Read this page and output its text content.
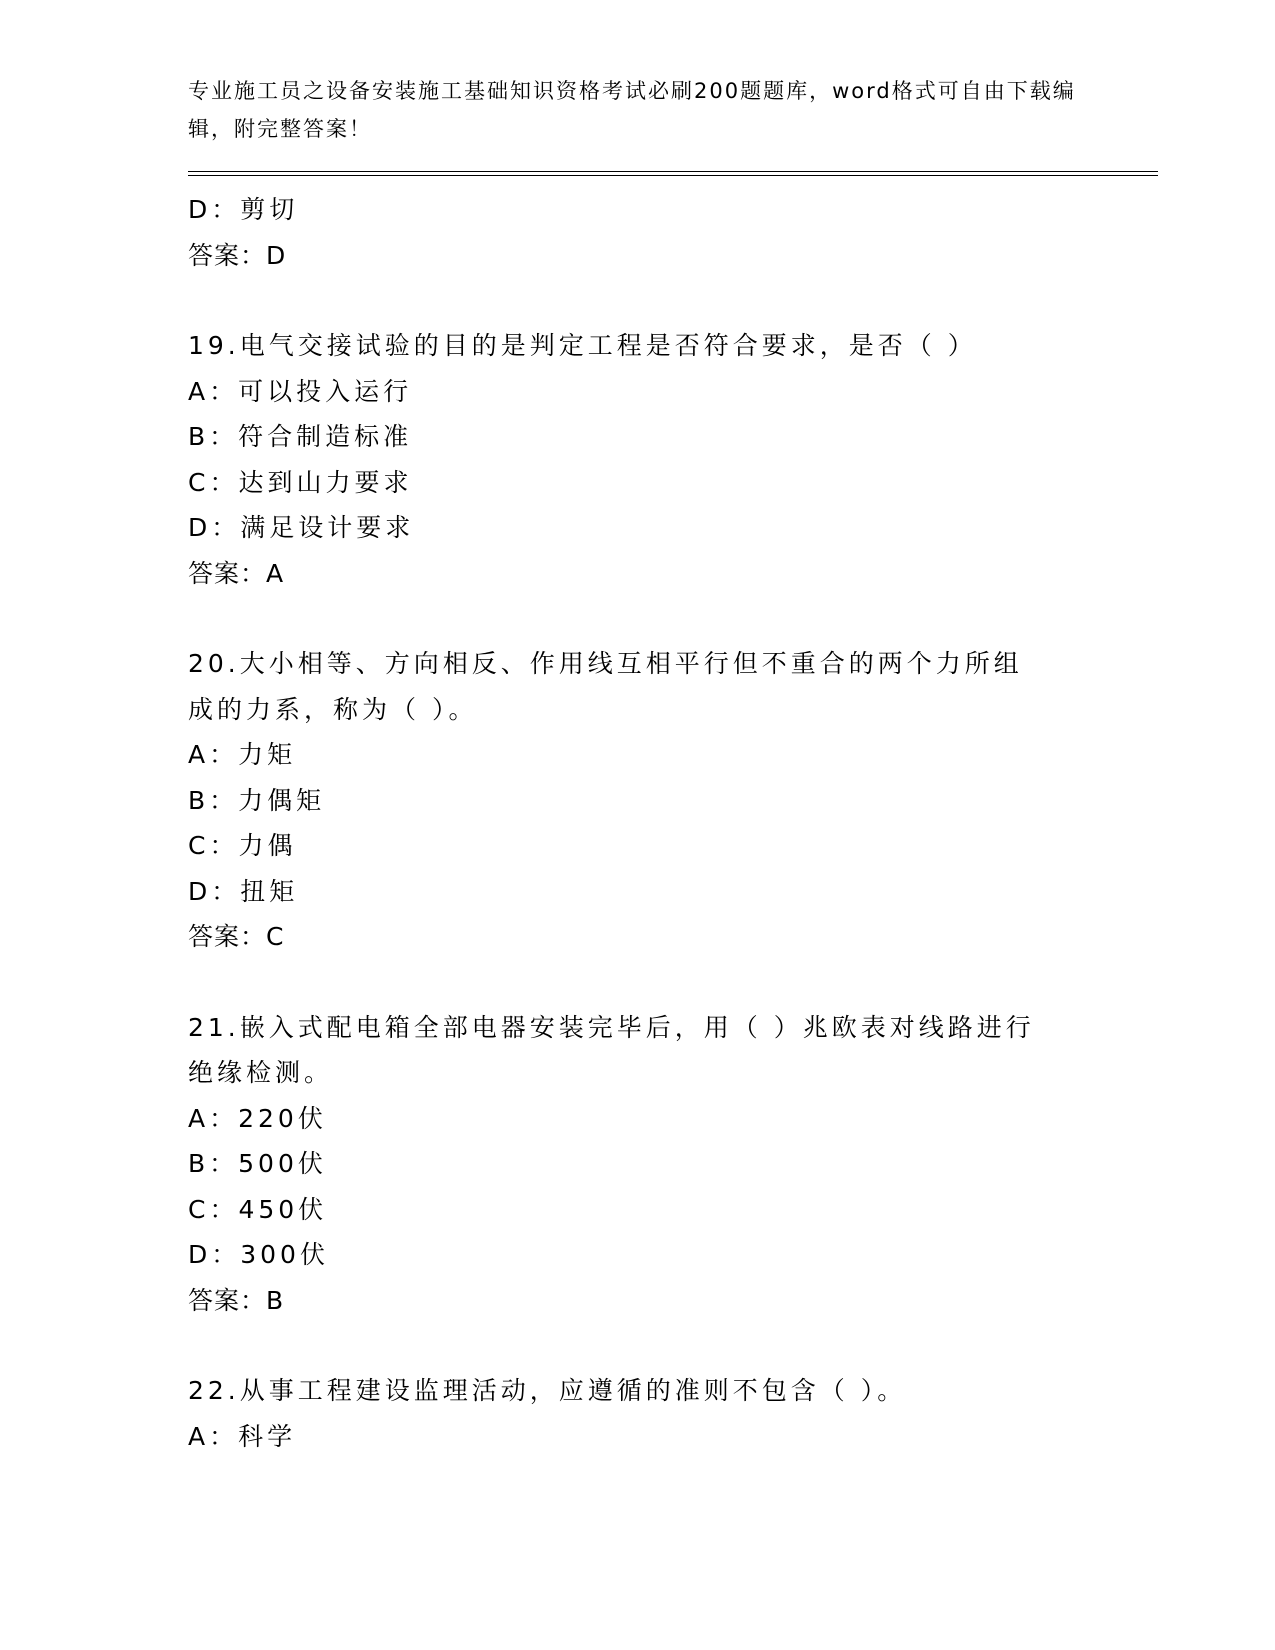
专业施工员之设备安装施工基础知识资格考试必刷200题题库，word格式可自由下载编辑，附完整答案！
D：剪切
答案：D
19.电气交接试验的目的是判定工程是否符合要求，是否（ ）
A：可以投入运行
B：符合制造标准
C：达到山力要求
D：满足设计要求
答案：A
20.大小相等、方向相反、作用线互相平行但不重合的两个力所组成的力系，称为（ ）。
A：力矩
B：力偶矩
C：力偶
D：扭矩
答案：C
21.嵌入式配电箱全部电器安装完毕后，用（ ）兆欧表对线路进行绝缘检测。
A：220伏
B：500伏
C：450伏
D：300伏
答案：B
22.从事工程建设监理活动，应遵循的准则不包含（ ）。
A：科学
